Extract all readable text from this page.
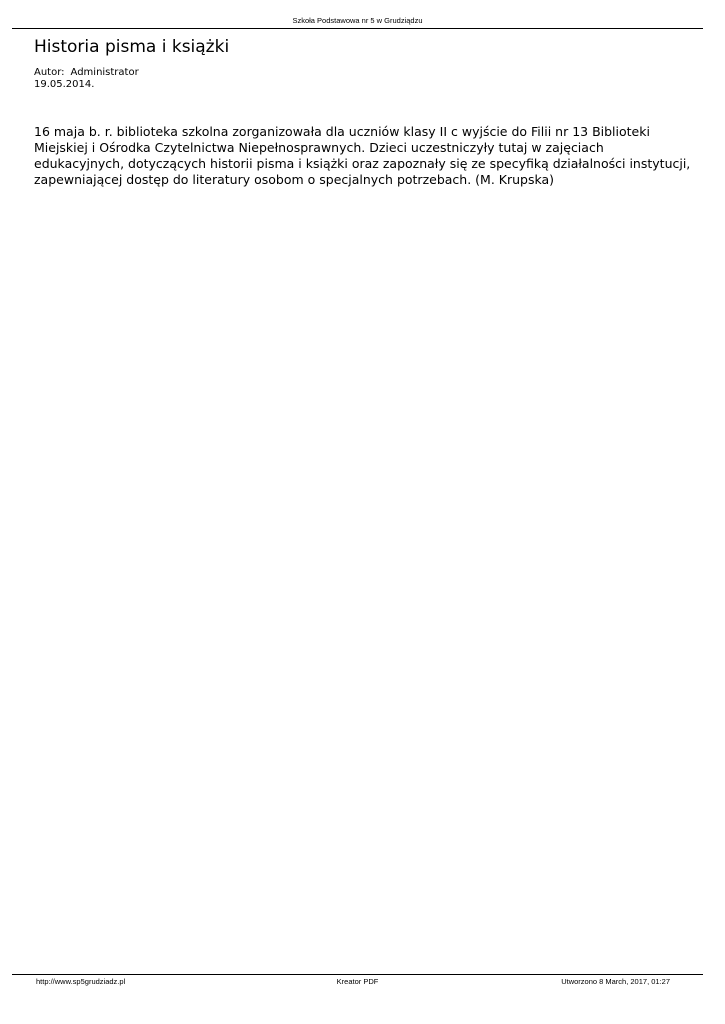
Szkoła Podstawowa nr 5 w Grudziądzu
Historia pisma i książki
Autor: Administrator
19.05.2014.

16 maja b. r. biblioteka szkolna zorganizowała dla uczniów klasy II c wyjście do Filii nr 13 Biblioteki Miejskiej i Ośrodka Czytelnictwa Niepełnosprawnych. Dzieci uczestniczyły tutaj w zajęciach edukacyjnych, dotyczących historii pisma i książki oraz zapoznały się ze specyfiką działalności instytucji, zapewniającej dostęp do literatury osobom o specjalnych potrzebach. (M. Krupska)

http://www.sp5grudziadz.pl	Kreator PDF	Utworzono 8 March, 2017, 01:27
